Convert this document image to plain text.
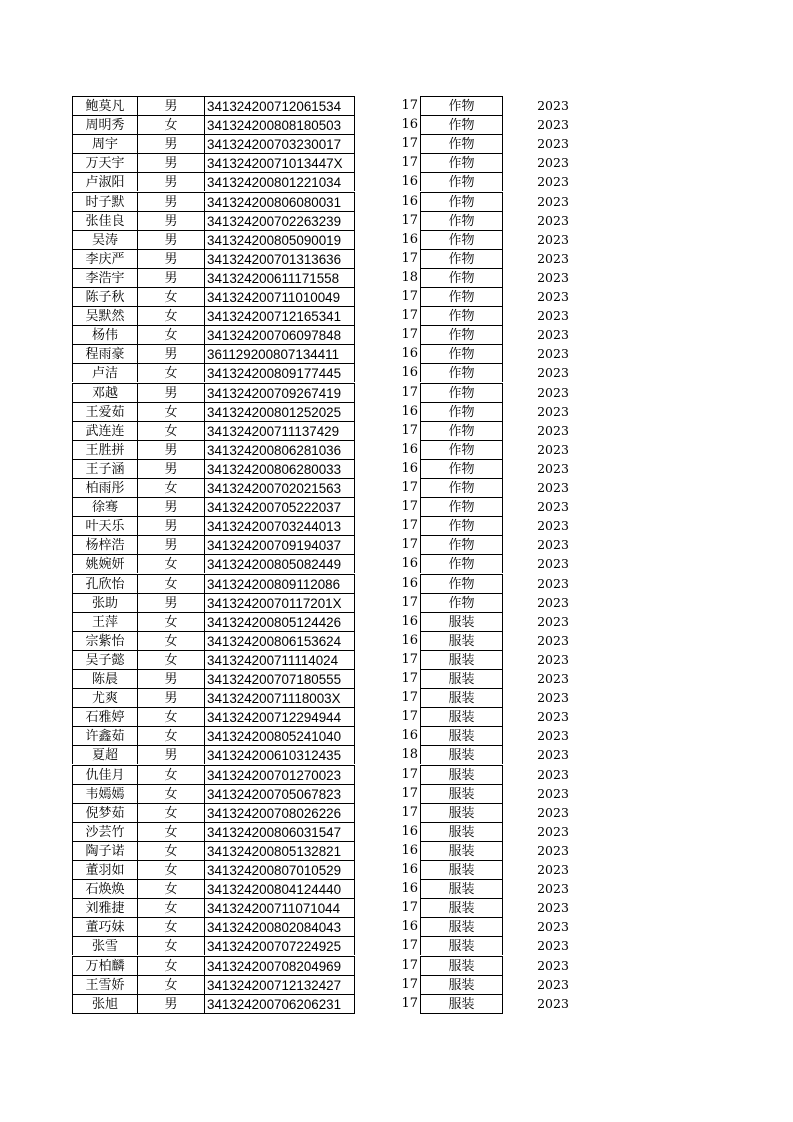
鲍莫凡	男	341324200712061534	17	作物	2023
周明秀	女	341324200808180503	16	作物	2023
周宇	男	341324200703230017	17	作物	2023
万天宇	男	34132420071013447X	17	作物	2023
卢淑阳	男	341324200801221034	16	作物	2023
时子默	男	341324200806080031	16	作物	2023
张佳良	男	341324200702263239	17	作物	2023
吴涛	男	341324200805090019	16	作物	2023
李庆严	男	341324200701313636	17	作物	2023
李浩宇	男	341324200611171558	18	作物	2023
陈子秋	女	341324200711010049	17	作物	2023
吴默然	女	341324200712165341	17	作物	2023
杨伟	女	341324200706097848	17	作物	2023
程雨豪	男	361129200807134411	16	作物	2023
卢洁	女	341324200809177445	16	作物	2023
邓越	男	341324200709267419	17	作物	2023
王爱茹	女	341324200801252025	16	作物	2023
武连连	女	341324200711137429	17	作物	2023
王胜拼	男	341324200806281036	16	作物	2023
王子涵	男	341324200806280033	16	作物	2023
柏雨彤	女	341324200702021563	17	作物	2023
徐骞	男	341324200705222037	17	作物	2023
叶天乐	男	341324200703244013	17	作物	2023
杨梓浩	男	341324200709194037	17	作物	2023
姚婉妍	女	341324200805082449	16	作物	2023
孔欣怡	女	341324200809112086	16	作物	2023
张助	男	34132420070117201X	17	作物	2023
王萍	女	341324200805124426	16	服装	2023
宗紫怡	女	341324200806153624	16	服装	2023
吴子懿	女	341324200711114024	17	服装	2023
陈晨	男	341324200707180555	17	服装	2023
尤爽	男	34132420071118003X	17	服装	2023
石雅婷	女	341324200712294944	17	服装	2023
许鑫茹	女	341324200805241040	16	服装	2023
夏超	男	341324200610312435	18	服装	2023
仇佳月	女	341324200701270023	17	服装	2023
韦嫣嫣	女	341324200705067823	17	服装	2023
倪梦茹	女	341324200708026226	17	服装	2023
沙芸竹	女	341324200806031547	16	服装	2023
陶子诺	女	341324200805132821	16	服装	2023
董羽如	女	341324200807010529	16	服装	2023
石焕焕	女	341324200804124440	16	服装	2023
刘雅捷	女	341324200711071044	17	服装	2023
董巧妹	女	341324200802084043	16	服装	2023
张雪	女	341324200707224925	17	服装	2023
万柏麟	女	341324200708204969	17	服装	2023
王雪娇	女	341324200712132427	17	服装	2023
张旭	男	341324200706206231	17	服装	2023
